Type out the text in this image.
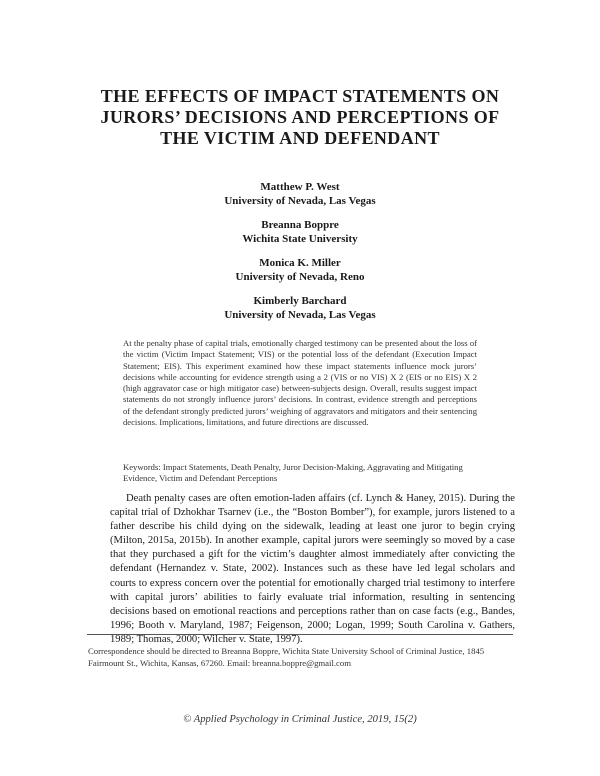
THE EFFECTS OF IMPACT STATEMENTS ON
JURORS’ DECISIONS AND PERCEPTIONS OF
THE VICTIM AND DEFENDANT
Matthew P. West
University of Nevada, Las Vegas
Breanna Boppre
Wichita State University
Monica K. Miller
University of Nevada, Reno
Kimberly Barchard
University of Nevada, Las Vegas
At the penalty phase of capital trials, emotionally charged testimony can be presented about the loss of the victim (Victim Impact Statement; VIS) or the potential loss of the defendant (Execution Impact Statement; EIS). This experiment examined how these impact statements influence mock jurors’ decisions while accounting for evidence strength using a 2 (VIS or no VIS) X 2 (EIS or no EIS) X 2 (high aggravator case or high mitigator case) between-subjects design. Overall, results suggest impact statements do not strongly influence jurors’ decisions. In contrast, evidence strength and perceptions of the defendant strongly predicted jurors’ weighing of aggravators and mitigators and their sentencing decisions. Implications, limitations, and future directions are discussed.
Keywords: Impact Statements, Death Penalty, Juror Decision-Making, Aggravating and Mitigating Evidence, Victim and Defendant Perceptions
Death penalty cases are often emotion-laden affairs (cf. Lynch & Haney, 2015). During the capital trial of Dzhokhar Tsarnev (i.e., the “Boston Bomber”), for example, jurors listened to a father describe his child dying on the sidewalk, leading at least one juror to begin crying (Milton, 2015a, 2015b). In another example, capital jurors were seemingly so moved by a case that they purchased a gift for the victim’s daughter almost immediately after convicting the defendant (Hernandez v. State, 2002). Instances such as these have led legal scholars and courts to express concern over the potential for emotionally charged trial testimony to interfere with capital jurors’ abilities to fairly evaluate trial information, resulting in sentencing decisions based on emotional reactions and perceptions rather than on case facts (e.g., Bandes, 1996; Booth v. Maryland, 1987; Feigenson, 2000; Logan, 1999; South Carolina v. Gathers, 1989; Thomas, 2000; Wilcher v. State, 1997).
Correspondence should be directed to Breanna Boppre, Wichita State University School of Criminal Justice, 1845 Fairmount St., Wichita, Kansas, 67260. Email: breanna.boppre@gmail.com
© Applied Psychology in Criminal Justice, 2019, 15(2)
